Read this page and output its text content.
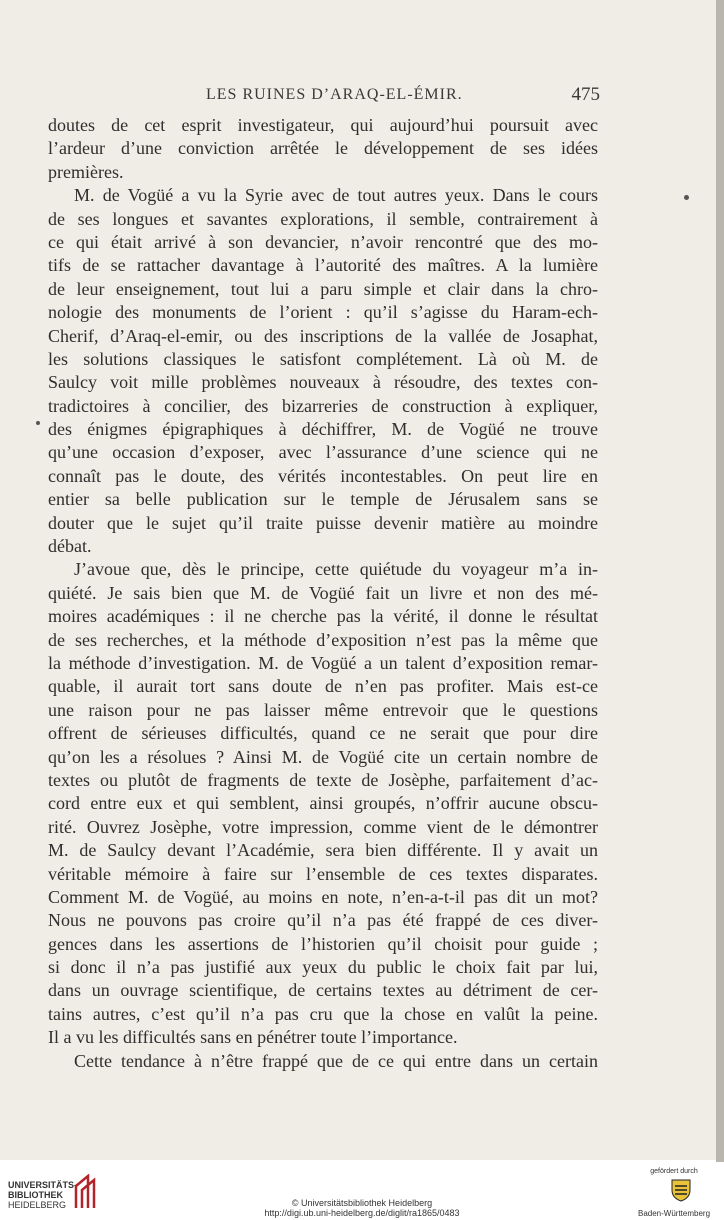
LES RUINES D’ARAQ-EL-ÉMIR.	475
doutes de cet esprit investigateur, qui aujourd’hui poursuit avec
l’ardeur d’une conviction arrêtée le développement de ses idées
premières.
M. de Vogüé a vu la Syrie avec de tout autres yeux. Dans le cours
de ses longues et savantes explorations, il semble, contrairement à
ce qui était arrivé à son devancier, n’avoir rencontré que des mo-
tifs de se rattacher davantage à l’autorité des maîtres. A la lumière
de leur enseignement, tout lui a paru simple et clair dans la chro-
nologie des monuments de l’orient : qu’il s’agisse du Haram-ech-
Cherif, d’Araq-el-emir, ou des inscriptions de la vallée de Josaphat,
les solutions classiques le satisfont complétement. Là où M. de
Saulcy voit mille problèmes nouveaux à résoudre, des textes con-
tradictoires à concilier, des bizarreries de construction à expliquer,
des énigmes épigraphiques à déchiffrer, M. de Vogüé ne trouve
qu’une occasion d’exposer, avec l’assurance d’une science qui ne
connaît pas le doute, des vérités incontestables. On peut lire en
entier sa belle publication sur le temple de Jérusalem sans se
douter que le sujet qu’il traite puisse devenir matière au moindre
débat.
J’avoue que, dès le principe, cette quiétude du voyageur m’a in-
quiété. Je sais bien que M. de Vogüé fait un livre et non des mé-
moires académiques : il ne cherche pas la vérité, il donne le résultat
de ses recherches, et la méthode d’exposition n’est pas la même que
la méthode d’investigation. M. de Vogüé a un talent d’exposition remar-
quable, il aurait tort sans doute de n’en pas profiter. Mais est-ce
une raison pour ne pas laisser même entrevoir que le questions
offrent de sérieuses difficultés, quand ce ne serait que pour dire
qu’on les a résolues ? Ainsi M. de Vogüé cite un certain nombre de
textes ou plutôt de fragments de texte de Josèphe, parfaitement d’ac-
cord entre eux et qui semblent, ainsi groupés, n’offrir aucune obscu-
rité. Ouvrez Josèphe, votre impression, comme vient de le démontrer
M. de Saulcy devant l’Académie, sera bien différente. Il y avait un
véritable mémoire à faire sur l’ensemble de ces textes disparates.
Comment M. de Vogüé, au moins en note, n’en-a-t-il pas dit un mot?
Nous ne pouvons pas croire qu’il n’a pas été frappé de ces diver-
gences dans les assertions de l’historien qu’il choisit pour guide ;
si donc il n’a pas justifié aux yeux du public le choix fait par lui,
dans un ouvrage scientifique, de certains textes au détriment de cer-
tains autres, c’est qu’il n’a pas cru que la chose en valût la peine.
Il a vu les difficultés sans en pénétrer toute l’importance.
Cette tendance à n’être frappé que de ce qui entre dans un certain
UNIVERSITÄTS-
BIBLIOTHEK
HEIDELBERG	© Universitätsbibliothek Heidelberg
http://digi.ub.uni-heidelberg.de/diglit/ra1865/0483
gefördert durch
Baden-Württemberg
